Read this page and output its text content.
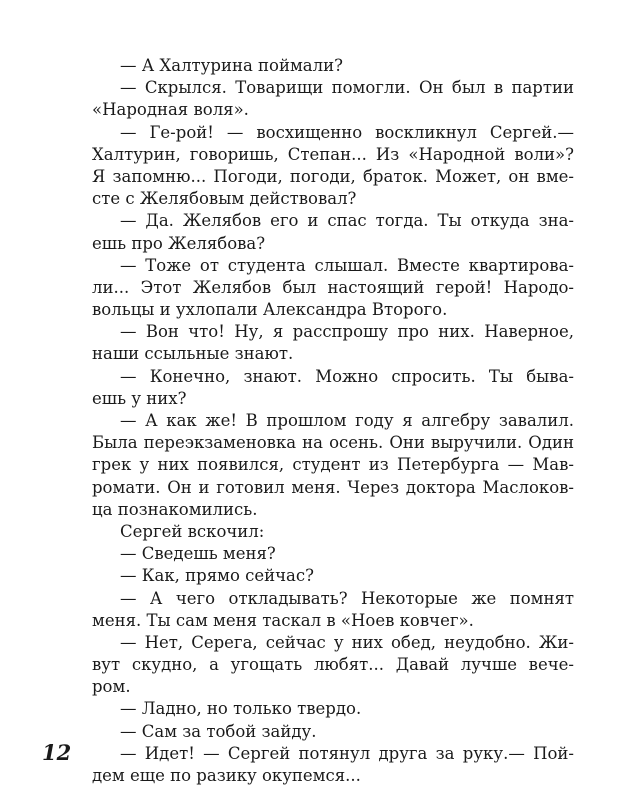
— А Халтурина поймали?
— Скрылся. Товарищи помогли. Он был в партии
«Народная воля».
— Ге-рой! — восхищенно воскликнул Сергей.—
Халтурин, говоришь, Степан... Из «Народной воли»?
Я запомню... Погоди, погоди, браток. Может, он вме-
сте с Желябовым действовал?
— Да. Желябов его и спас тогда. Ты откуда зна-
ешь про Желябова?
— Тоже от студента слышал. Вместе квартирова-
ли... Этот Желябов был настоящий герой! Народо-
вольцы и ухлопали Александра Второго.
— Вон что! Ну, я расспрошу про них. Наверное,
наши ссыльные знают.
— Конечно, знают. Можно спросить. Ты быва-
ешь у них?
— А как же! В прошлом году я алгебру завалил.
Была переэкзаменовка на осень. Они выручили. Один
грек у них появился, студент из Петербурга — Мав-
ромати. Он и готовил меня. Через доктора Маслоков-
ца познакомились.
Сергей вскочил:
— Сведешь меня?
— Как, прямо сейчас?
— А чего откладывать? Некоторые же помнят
меня. Ты сам меня таскал в «Ноев ковчег».
— Нет, Серега, сейчас у них обед, неудобно. Жи-
вут скудно, а угощать любят... Давай лучше вече-
ром.
— Ладно, но только твердо.
— Сам за тобой зайду.
— Идет! — Сергей потянул друга за руку.— Пой-
дем еще по разику окупемся...
12
